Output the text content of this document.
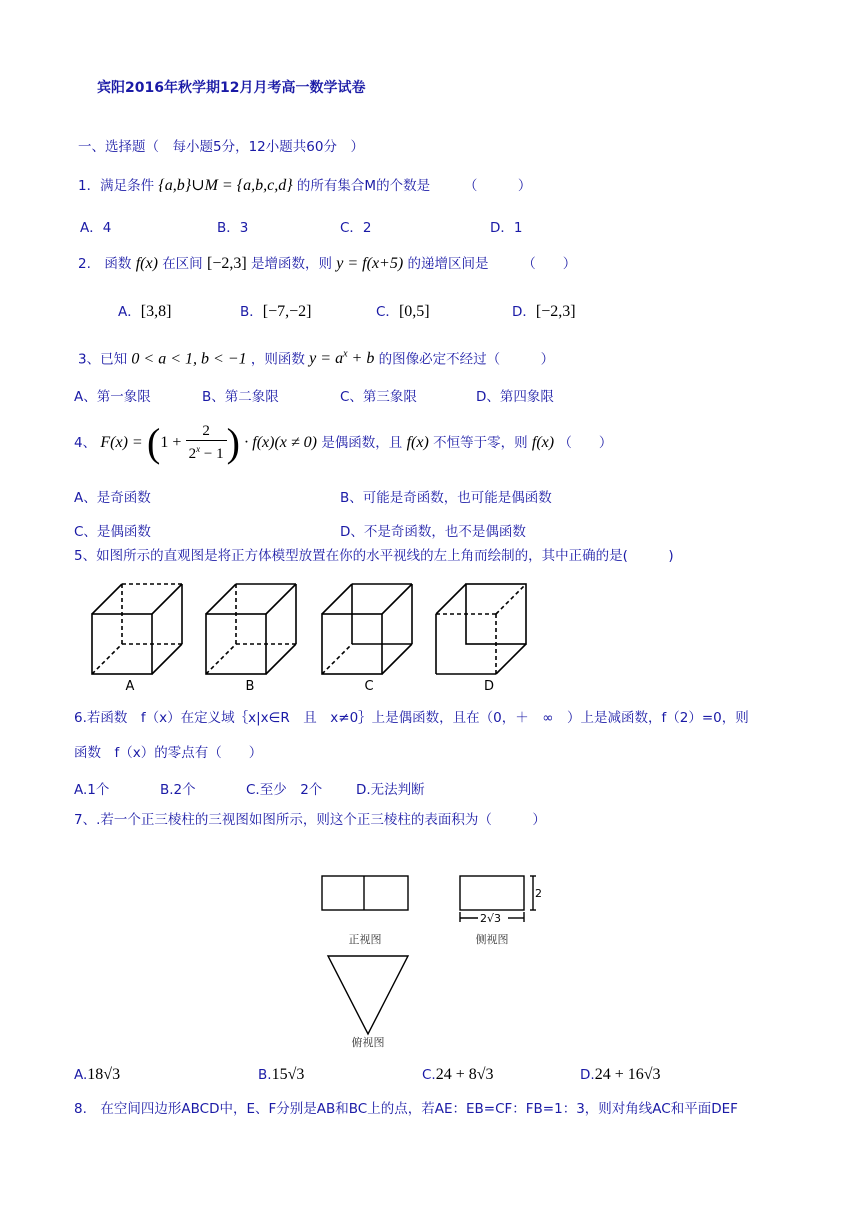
宾阳2016年秋学期12月月考高一数学试卷
一、选择题（　每小题5分，12小题共60分　）
1．满足条件 {a,b}∪M = {a,b,c,d} 的所有集合M的个数是　　　（　　　）
A．4	B．3	C．2	D．1
2.　函数 f(x) 在区间 [−2,3] 是增函数，则 y = f(x+5) 的递增区间是　　　（　　）
A．[3,8]	B．[−7,−2]	C．[0,5]	D．[−2,3]
3、已知 0 < a < 1, b < −1 ，则函数 $y = a^x + b$ 的图像必定不经过（　　　）
A、第一象限	B、第二象限	C、第三象限	D、第四象限
4、 $F(x) = (1 + \frac{2}{2^x - 1}$ ) · f(x)(x ≠ 0) 是偶函数，且 f(x) 不恒等于零，则 f(x) （　　）
A、是奇函数	B、可能是奇函数，也可能是偶函数
C、是偶函数	D、不是奇函数，也不是偶函数
5、如图所示的直观图是将正方体模型放置在你的水平视线的左上角而绘制的，其中正确的是(　　　)
A	B	C	D
6.若函数　f（x）在定义域｛x|x∈R　且　x≠0｝上是偶函数，且在（0，＋　∞　）上是减函数，f（2）=0，则
函数　f（x）的零点有（　　）
A.1个	B.2个	C.至少　2个 D.无法判断
7、.若一个正三棱柱的三视图如图所示，则这个正三棱柱的表面积为（　　　）
2
2√3
正视图	侧视图
俯视图
A.18√3	B.15√3	C.24 + 8√3	D.24 + 16√3
8.　在空间四边形ABCD中，E、F分别是AB和BC上的点，若AE：EB=CF：FB=1：3，则对角线AC和平面DEF
